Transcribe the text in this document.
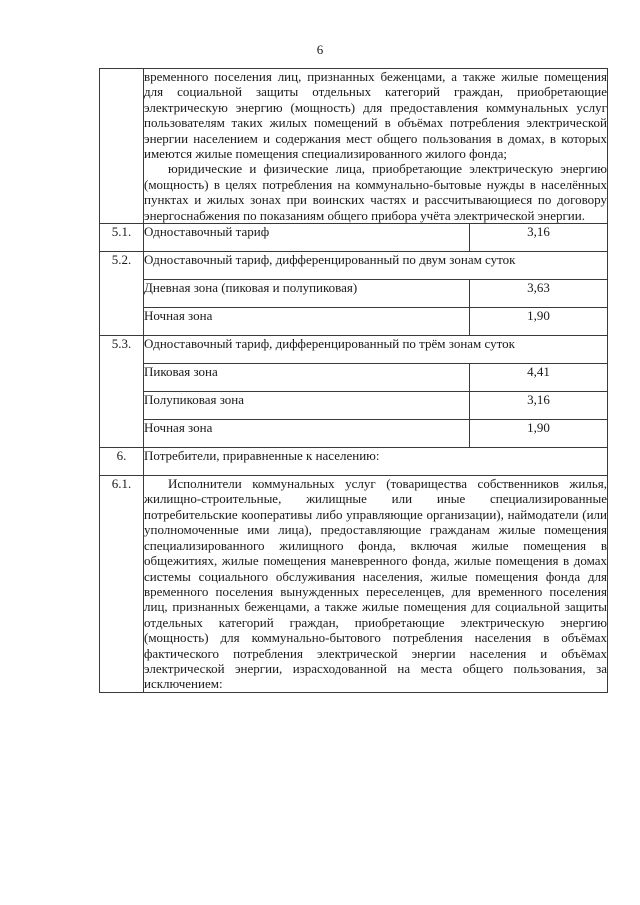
6

	временного поселения лиц, признанных беженцами, а также жилые помещения для социальной защиты отдельных категорий граждан, приобретающие электрическую энергию (мощность) для предоставления коммунальных услуг пользователям таких жилых помещений в объёмах потребления электрической энергии населением и содержания мест общего пользования в домах, в которых имеются жилые помещения специализированного жилого фонда;

юридические и физические лица, приобретающие электрическую энергию (мощность) в целях потребления на коммунально-бытовые нужды в населённых пунктах и жилых зонах при воинских частях и рассчитывающиеся по договору энергоснабжения по показаниям общего прибора учёта электрической энергии.	

5.1.	Одноставочный тариф	3,16
5.2.	Одноставочный тариф, дифференцированный по двум зонам суток	
	Дневная зона (пиковая и полупиковая)	3,63
	Ночная зона	1,90
5.3.	Одноставочный тариф, дифференцированный по трём зонам суток	
	Пиковая зона	4,41
	Полупиковая зона	3,16
	Ночная зона	1,90
6.	Потребители, приравненные к населению:	
6.1.	Исполнители коммунальных услуг (товарищества собственников жилья, жилищно-строительные, жилищные или иные специализированные потребительские кооперативы либо управляющие организации), наймодатели (или уполномоченные ими лица), предоставляющие гражданам жилые помещения специализированного жилищного фонда, включая жилые помещения в общежитиях, жилые помещения маневренного фонда, жилые помещения в домах системы социального обслуживания населения, жилые помещения фонда для временного поселения вынужденных переселенцев, для временного поселения лиц, признанных беженцами, а также жилые помещения для социальной защиты отдельных категорий граждан, приобретающие электрическую энергию (мощность) для коммунально-бытового потребления населения в объёмах фактического потребления электрической энергии населения и объёмах электрической энергии, израсходованной на места общего пользования, за исключением:	
